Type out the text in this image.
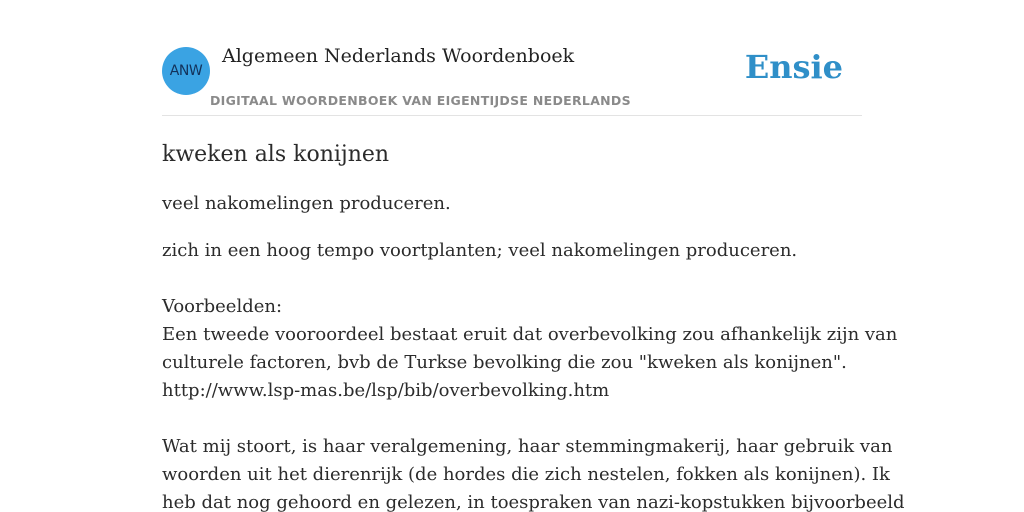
ANW
Algemeen Nederlands Woordenboek
DIGITAAL WOORDENBOEK VAN EIGENTIJDSE NEDERLANDS
Ensie
kweken als konijnen

veel nakomelingen produceren.

zich in een hoog tempo voortplanten; veel nakomelingen produceren.

Voorbeelden:
Een tweede vooroordeel bestaat eruit dat overbevolking zou afhankelijk zijn van
culturele factoren, bvb de Turkse bevolking die zou "kweken als konijnen".
http://www.lsp-mas.be/lsp/bib/overbevolking.htm
Wat mij stoort, is haar veralgemening, haar stemmingmakerij, haar gebruik van
woorden uit het dierenrijk (de hordes die zich nestelen, fokken als konijnen). Ik
heb dat nog gehoord en gelezen, in toespraken van nazi-kopstukken bijvoorbeeld
